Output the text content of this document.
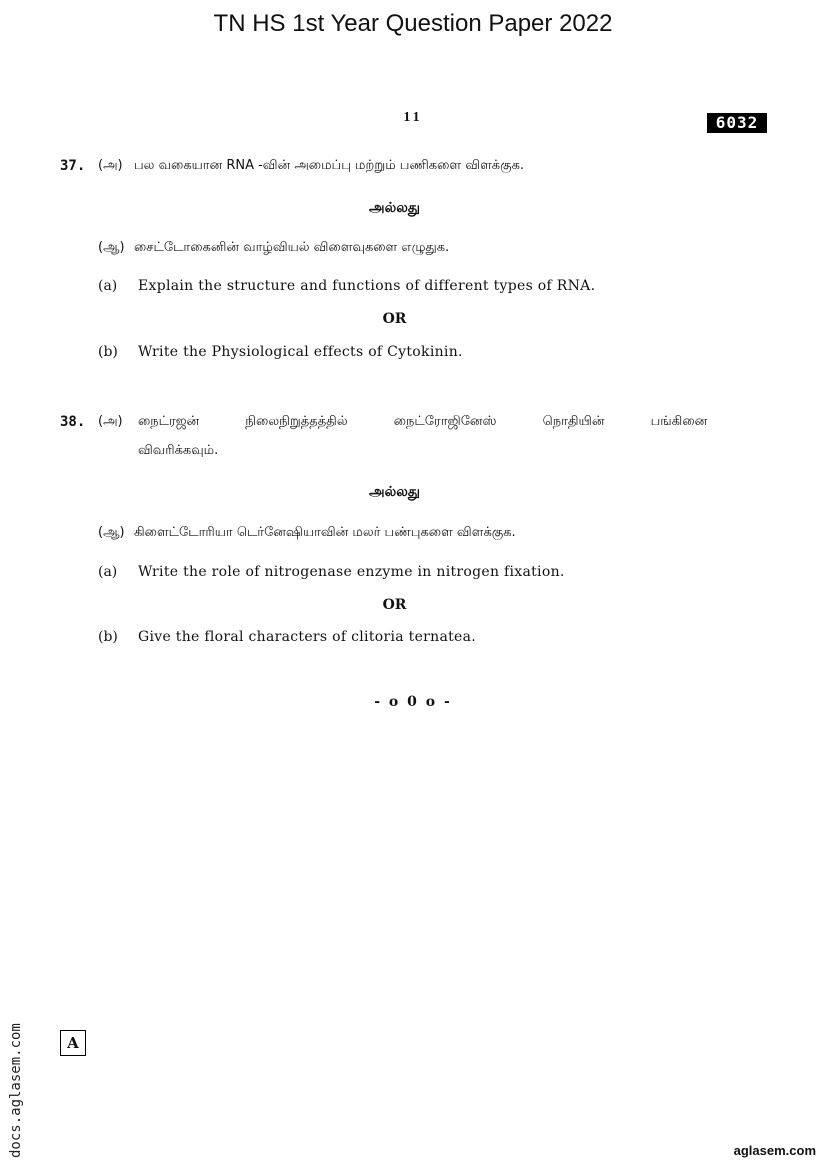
TN HS 1st Year Question Paper 2022
11	6032
37. (அ) பல வகையான RNA -வின் அமைப்பு மற்றும் பணிகளை விளக்குக.
அல்லது
(ஆ) சைட்டோகைனின் வாழ்வியல் விளைவுகளை எழுதுக.
(a) Explain the structure and functions of different types of RNA.
OR
(b) Write the Physiological effects of Cytokinin.
38. (அ) நைட்ரஜன் நிலைநிறுத்தத்தில் நைட்ரோஜினேஸ் நொதியின் பங்கினை
விவரிக்கவும்.
அல்லது
(ஆ) கிளைட்டோரியா டெர்னேஷியாவின் மலர் பண்புகளை விளக்குக.
(a) Write the role of nitrogenase enzyme in nitrogen fixation.
OR
(b) Give the floral characters of clitoria ternatea.
- o 0 o -
docs.aglasem.com	A
aglasem.com
